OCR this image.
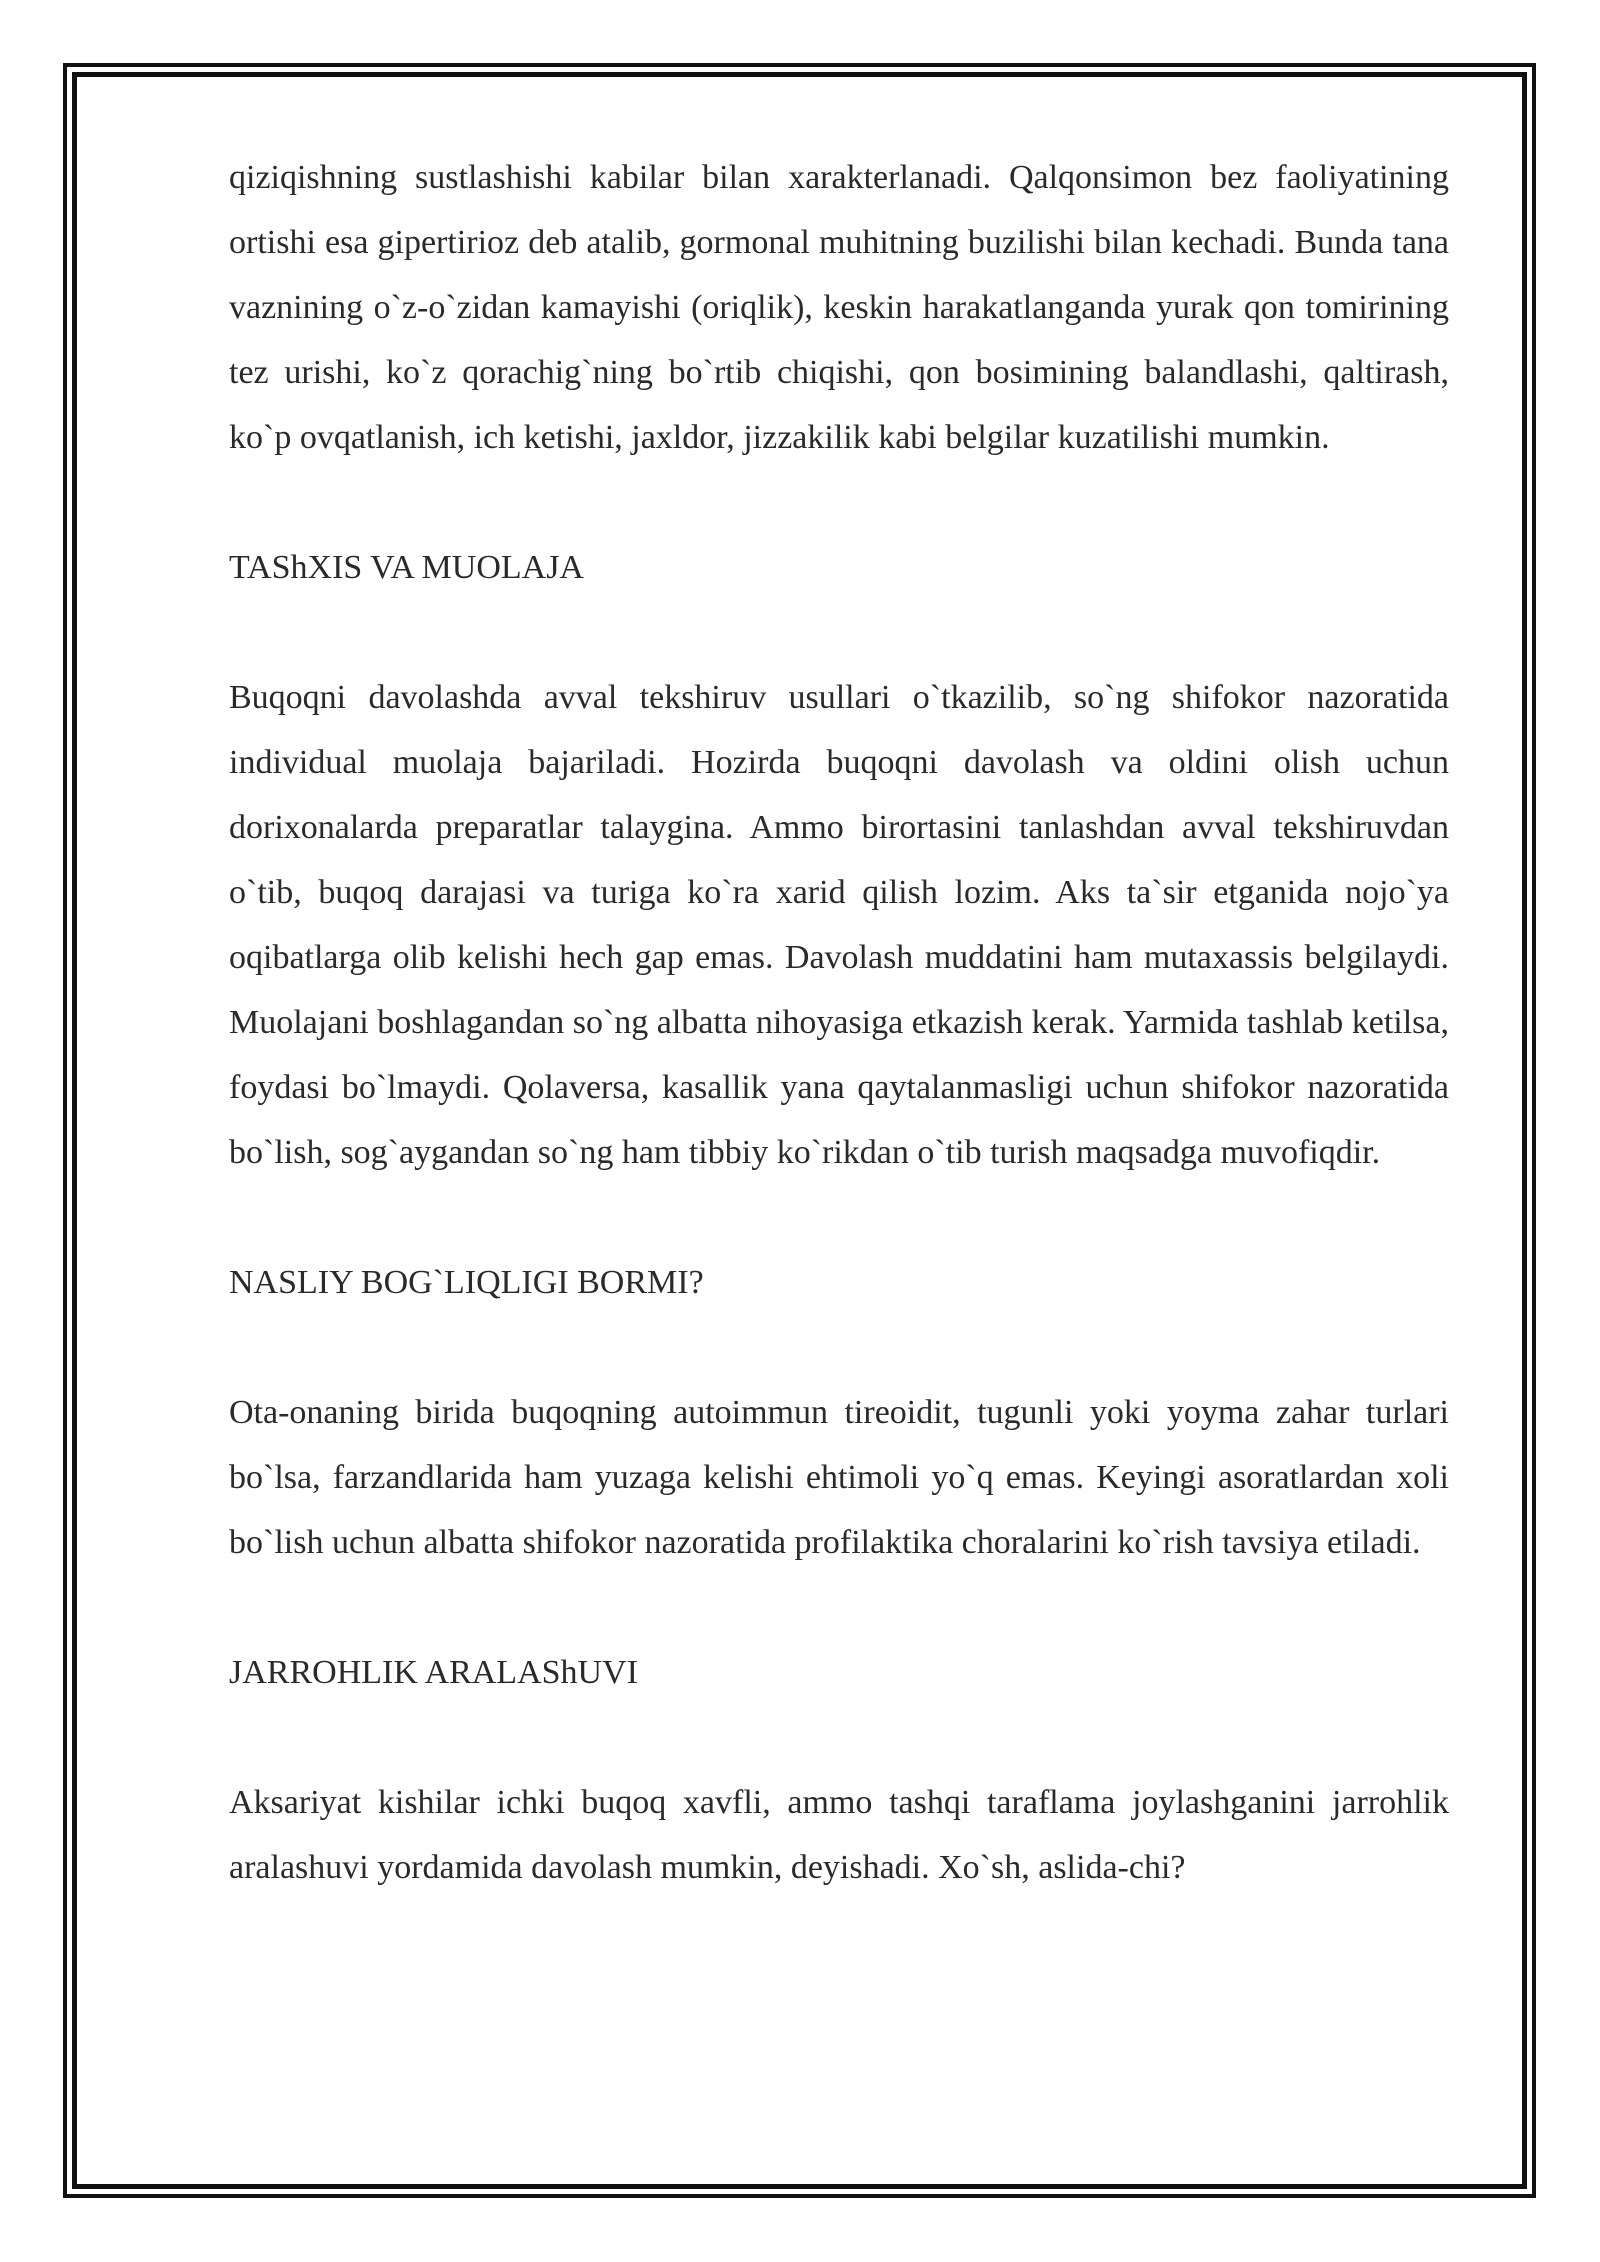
qiziqishning sustlashishi kabilar bilan xarakterlanadi. Qalqonsimon bez faoliyatining ortishi esa gipertirioz deb atalib, gormonal muhitning buzilishi bilan kechadi. Bunda tana vaznining o`z-o`zidan kamayishi (oriqlik), keskin harakatlanganda yurak qon tomirining tez urishi, ko`z qorachig`ning bo`rtib chiqishi, qon bosimining balandlashi, qaltirash, ko`p ovqatlanish, ich ketishi, jaxldor, jizzakilik kabi belgilar kuzatilishi mumkin.

TAShXIS VA MUOLAJA

Buqoqni davolashda avval tekshiruv usullari o`tkazilib, so`ng shifokor nazoratida individual muolaja bajariladi. Hozirda buqoqni davolash va oldini olish uchun dorixonalarda preparatlar talaygina. Ammo birortasini tanlashdan avval tekshiruvdan o`tib, buqoq darajasi va turiga ko`ra xarid qilish lozim. Aks ta`sir etganida nojo`ya oqibatlarga olib kelishi hech gap emas. Davolash muddatini ham mutaxassis belgilaydi. Muolajani boshlagandan so`ng albatta nihoyasiga etkazish kerak. Yarmida tashlab ketilsa, foydasi bo`lmaydi. Qolaversa, kasallik yana qaytalanmasligi uchun shifokor nazoratida bo`lish, sog`aygandan so`ng ham tibbiy ko`rikdan o`tib turish maqsadga muvofiqdir.

NASLIY BOG`LIQLIGI BORMI?

Ota-onaning birida buqoqning autoimmun tireoidit, tugunli yoki yoyma zahar turlari bo`lsa, farzandlarida ham yuzaga kelishi ehtimoli yo`q emas. Keyingi asoratlardan xoli bo`lish uchun albatta shifokor nazoratida profilaktika choralarini ko`rish tavsiya etiladi.

JARROHLIK ARALAShUVI

Aksariyat kishilar ichki buqoq xavfli, ammo tashqi taraflama joylashganini jarrohlik aralashuvi yordamida davolash mumkin, deyishadi. Xo`sh, aslida-chi?
